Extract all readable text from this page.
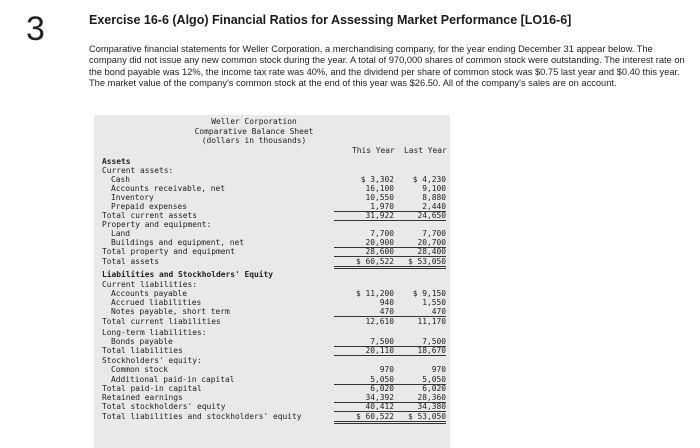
3	Exercise 16-6 (Algo) Financial Ratios for Assessing Market Performance [LO16-6]
Comparative financial statements for Weller Corporation, a merchandising company, for the year ending December 31 appear below. The company did not issue any new common stock during the year. A total of 970,000 shares of common stock were outstanding. The interest rate on the bond payable was 12%, the income tax rate was 40%, and the dividend per share of common stock was $0.75 last year and $0.40 this year. The market value of the company's common stock at the end of this year was $26.50. All of the company's sales are on account.
Weller Corporation
Comparative Balance Sheet
(dollars in thousands)
This Year Last Year
Assets
Current assets:
Cash	$ 3,302	$ 4,230
Accounts receivable, net	16,100	9,100
Inventory	10,550	8,880
Prepaid expenses	1,970	2,440
Total current assets	31,922	24,650
Property and equipment:
Land	7,700	7,700
Buildings and equipment, net	20,900	20,700
Total property and equipment	28,600	28,400
Total assets	$ 60,522	$ 53,050
Liabilities and Stockholders' Equity
Current liabilities:
Accounts payable	$ 11,200	$ 9,150
Accrued liabilities	940	1,550
Notes payable, short term	470	470
Total current liabilities	12,610	11,170
Long-term liabilities:
Bonds payable	7,500	7,500
Total liabilities	20,110	18,670
Stockholders' equity:
Common stock	970	970
Additional paid-in capital	5,050	5,050
Total paid-in capital	6,020	6,020
Retained earnings	34,392	28,360
Total stockholders' equity	40,412	34,380
Total liabilities and stockholders' equity	$ 60,522	$ 53,050
